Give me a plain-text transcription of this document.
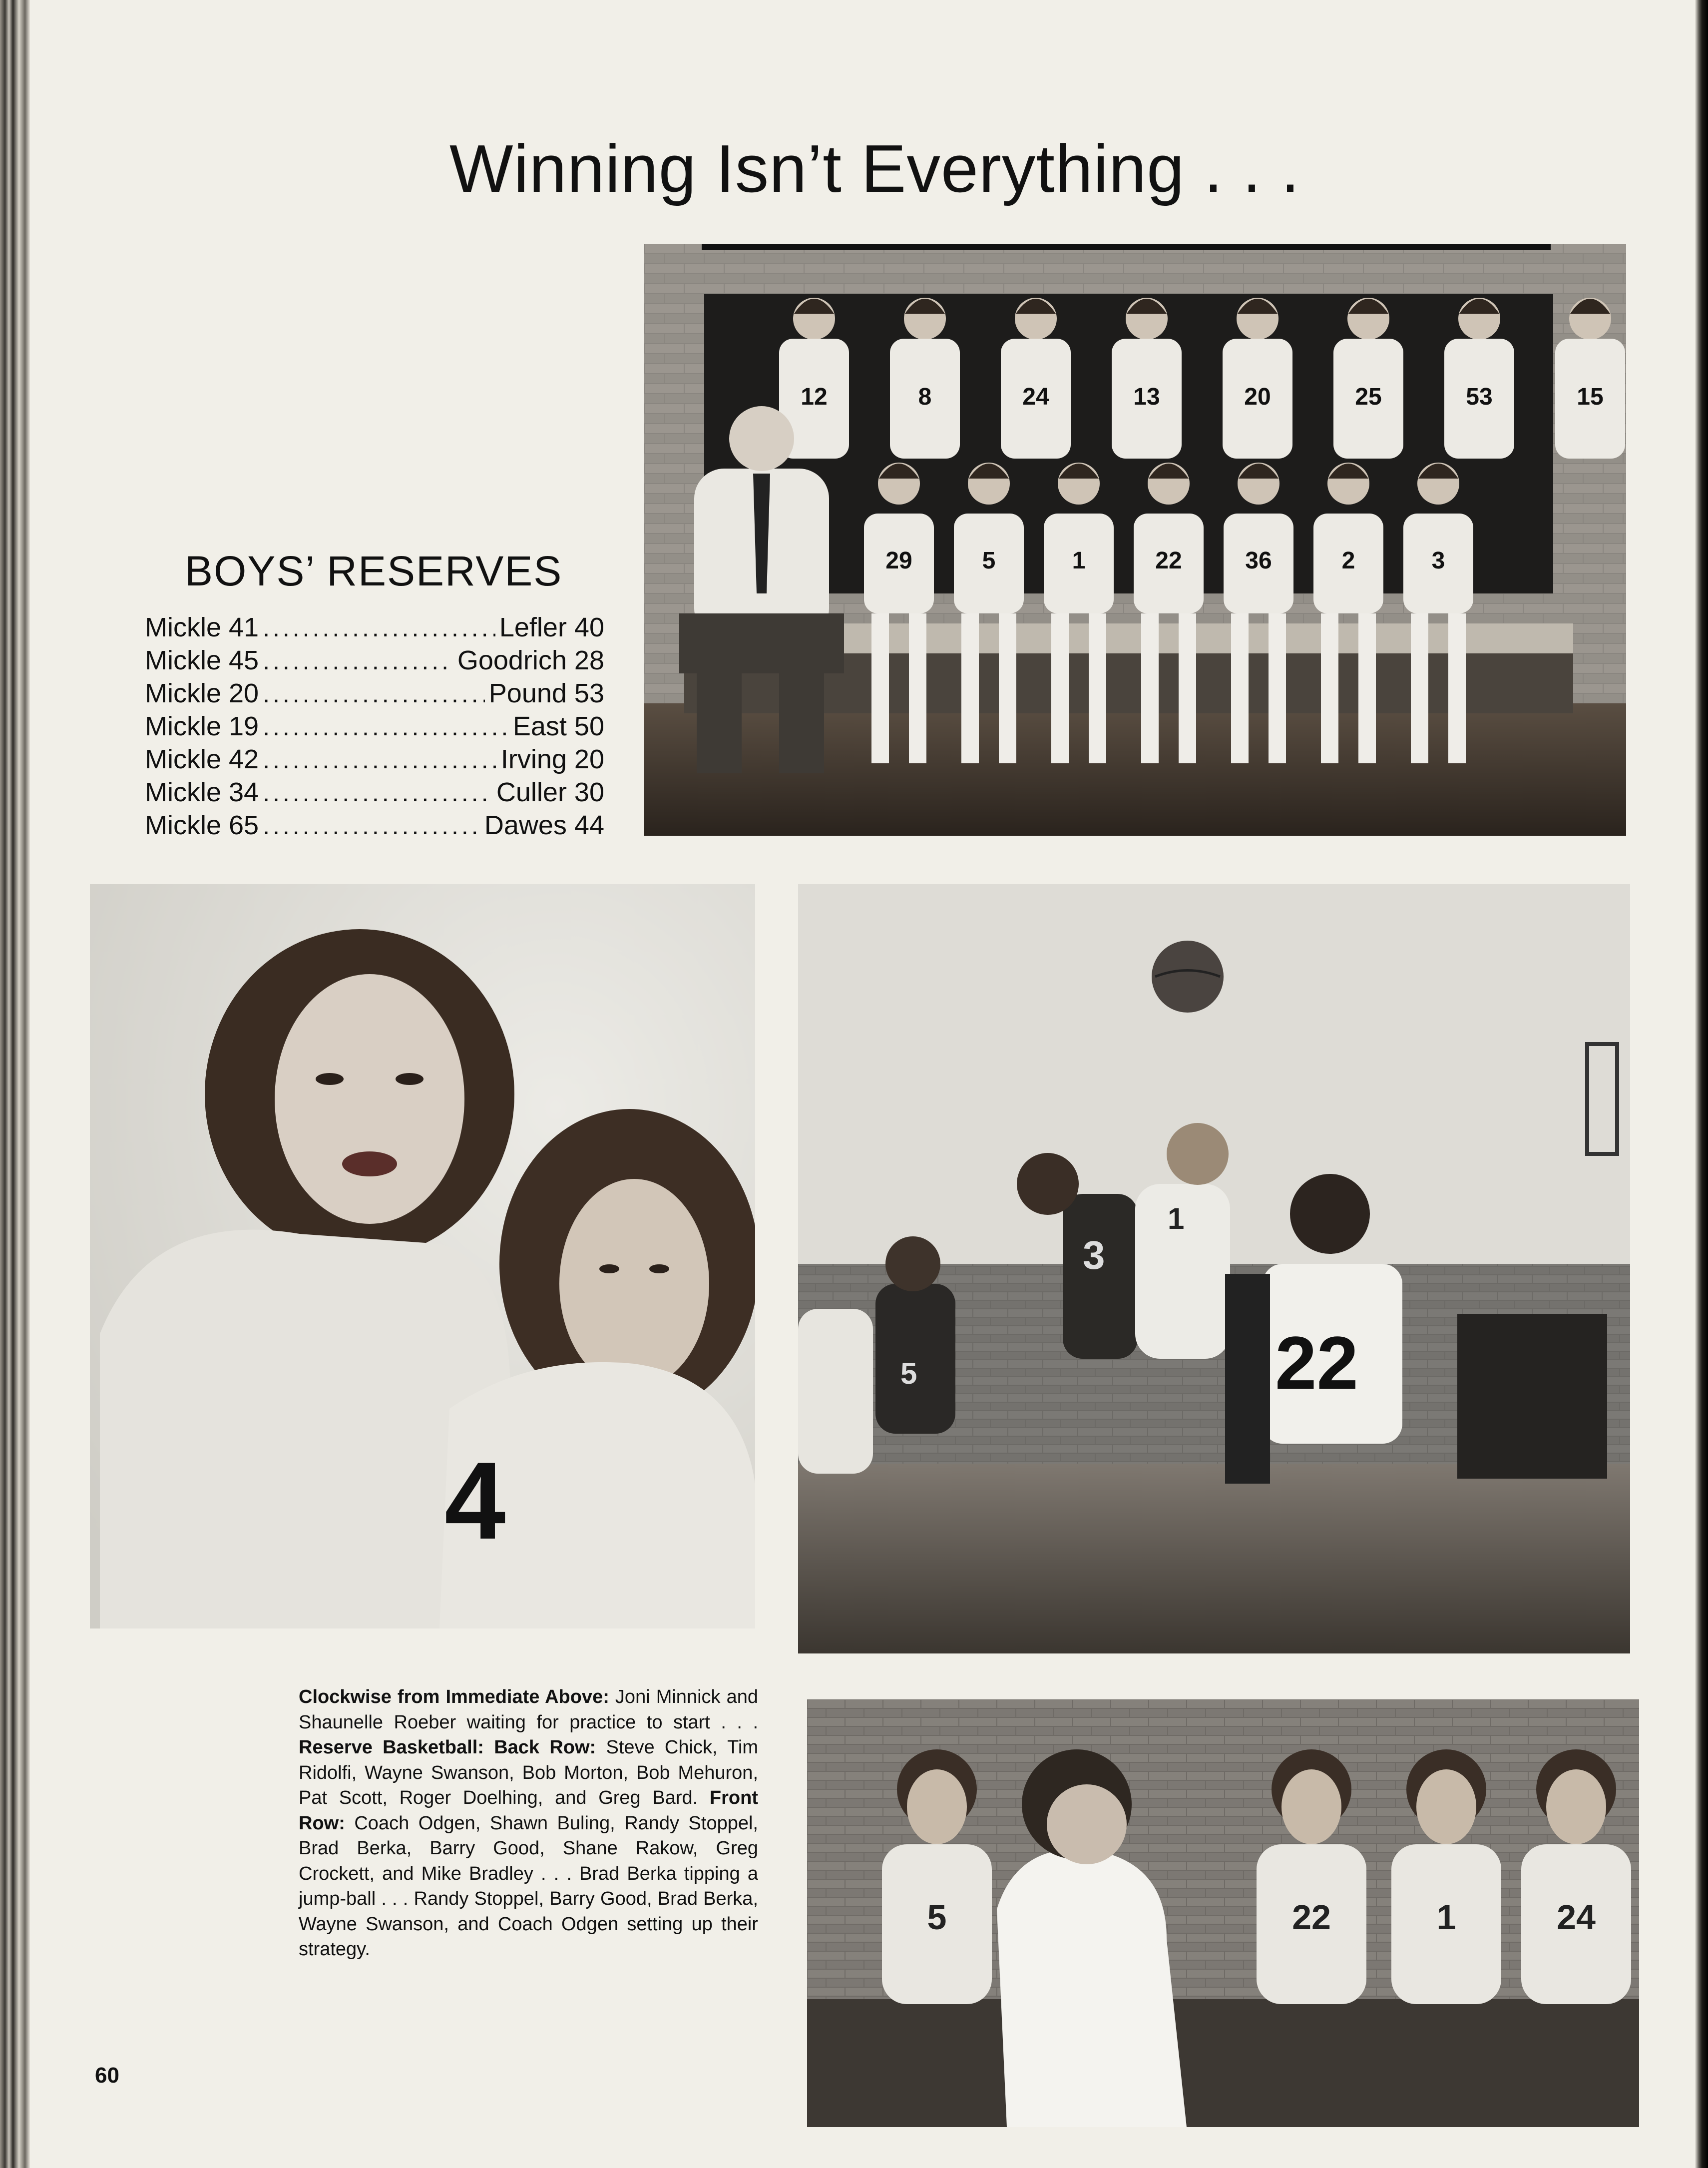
Winning Isn’t Everything . . .
12	8	24	13	20	25	53	15
29	5	1	22	36	2	3
BOYS’ RESERVES
Mickle 41 .....	Lefler 40
Mickle 45 .....	Goodrich 28
Mickle 20 .....	Pound 53
Mickle 19 .....	East 50
Mickle 42 .....	Irving 20
Mickle 34 .....	Culler 30
Mickle 65 .....	Dawes 44
4
3
1
22
5
Clockwise from Immediate Above: Joni Minnick and Shaunelle Roeber waiting for practice to start . . . Reserve Basketball: Back Row: Steve Chick, Tim Ridolfi, Wayne Swanson, Bob Morton, Bob Mehuron, Pat Scott, Roger Doelhing, and Greg Bard. Front Row: Coach Odgen, Shawn Buling, Randy Stoppel, Brad Berka, Barry Good, Shane Rakow, Greg Crockett, and Mike Bradley . . . Brad Berka tipping a jump-ball . . . Randy Stoppel, Barry Good, Brad Berka, Wayne Swanson, and Coach Odgen setting up their strategy.
5	22	1	24
60
